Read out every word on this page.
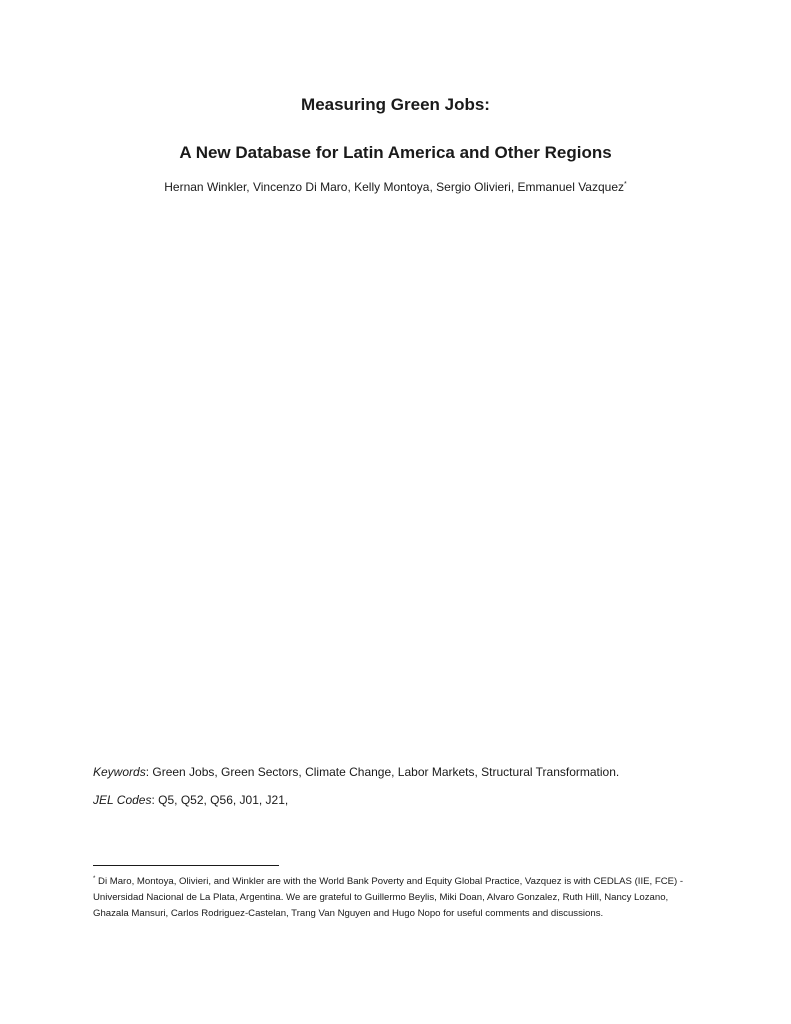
Measuring Green Jobs:
A New Database for Latin America and Other Regions
Hernan Winkler, Vincenzo Di Maro, Kelly Montoya, Sergio Olivieri, Emmanuel Vazquez*
Keywords: Green Jobs, Green Sectors, Climate Change, Labor Markets, Structural Transformation.
JEL Codes: Q5, Q52, Q56, J01, J21,
* Di Maro, Montoya, Olivieri, and Winkler are with the World Bank Poverty and Equity Global Practice, Vazquez is with CEDLAS (IIE, FCE) - Universidad Nacional de La Plata, Argentina. We are grateful to Guillermo Beylis, Miki Doan, Alvaro Gonzalez, Ruth Hill, Nancy Lozano, Ghazala Mansuri, Carlos Rodriguez-Castelan, Trang Van Nguyen and Hugo Nopo for useful comments and discussions.
